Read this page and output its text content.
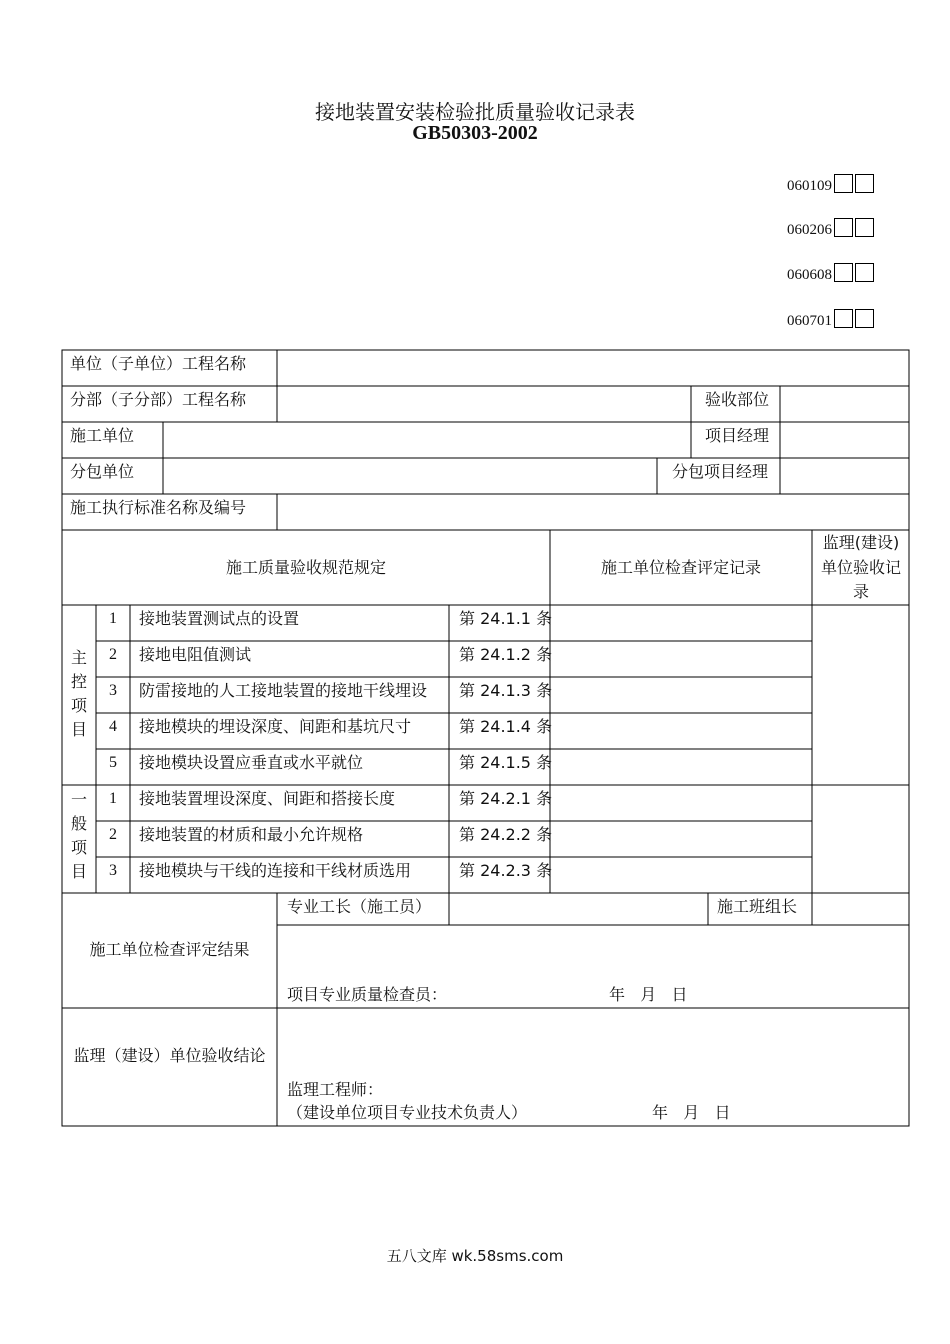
接地装置安装检验批质量验收记录表
GB50303-2002
060109
060206
060608
060701
单位（子单位）工程名称
分部（子分部）工程名称	验收部位
施工单位	项目经理
分包单位	分包项目经理
施工执行标准名称及编号
施工质量验收规范规定	施工单位检查评定记录
监理(建设)单位验收记录
主控项目
一般项目
1	接地装置测试点的设置	第 24.1.1 条
2	接地电阻值测试	第 24.1.2 条
3	防雷接地的人工接地装置的接地干线埋设 第 24.1.3 条
4	接地模块的埋设深度、间距和基坑尺寸	第 24.1.4 条
5	接地模块设置应垂直或水平就位	第 24.1.5 条
1	接地装置埋设深度、间距和搭接长度	第 24.2.1 条
2	接地装置的材质和最小允许规格	第 24.2.2 条
3	接地模块与干线的连接和干线材质选用	第 24.2.3 条
施工单位检查评定结果
专业工长（施工员）	施工班组长
项目专业质量检查员：	年   月   日
监理（建设）单位验收结论
监理工程师：
（建设单位项目专业技术负责人）	年   月   日
五八文库 wk.58sms.com
